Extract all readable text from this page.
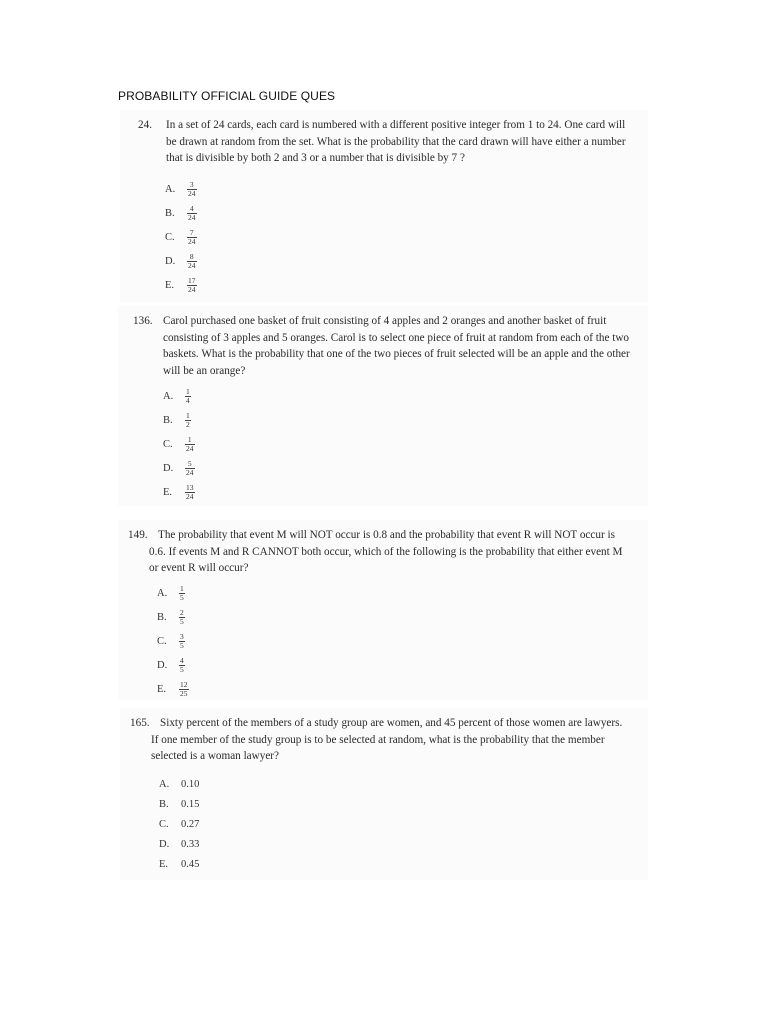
PROBABILITY OFFICIAL GUIDE QUES
24. In a set of 24 cards, each card is numbered with a different positive integer from 1 to 24. One card will
be drawn at random from the set. What is the probability that the card drawn will have either a number
that is divisible by both 2 and 3 or a number that is divisible by 7 ?
A.	$\frac{3}{24}$
B.	$\frac{4}{24}$
C.	$\frac{7}{24}$
D.	$\frac{8}{24}$
E.	$\frac{17}{24}$
136. Carol purchased one basket of fruit consisting of 4 apples and 2 oranges and another basket of fruit
consisting of 3 apples and 5 oranges. Carol is to select one piece of fruit at random from each of the two
baskets. What is the probability that one of the two pieces of fruit selected will be an apple and the other
will be an orange?
A.	$\frac{1}{4}$
B.	$\frac{1}{2}$
C.	$\frac{1}{24}$
D.	$\frac{5}{24}$
E.	$\frac{13}{24}$
149. The probability that event M will NOT occur is 0.8 and the probability that event R will NOT occur is
0.6. If events M and R CANNOT both occur, which of the following is the probability that either event M
or event R will occur?
A.	$\frac{1}{5}$
B.	$\frac{2}{5}$
C.	$\frac{3}{5}$
D.	$\frac{4}{5}$
E.	$\frac{12}{25}$
165. Sixty percent of the members of a study group are women, and 45 percent of those women are lawyers.
If one member of the study group is to be selected at random, what is the probability that the member
selected is a woman lawyer?
A.	0.10
B.	0.15
C.	0.27
D.	0.33
E.	0.45
